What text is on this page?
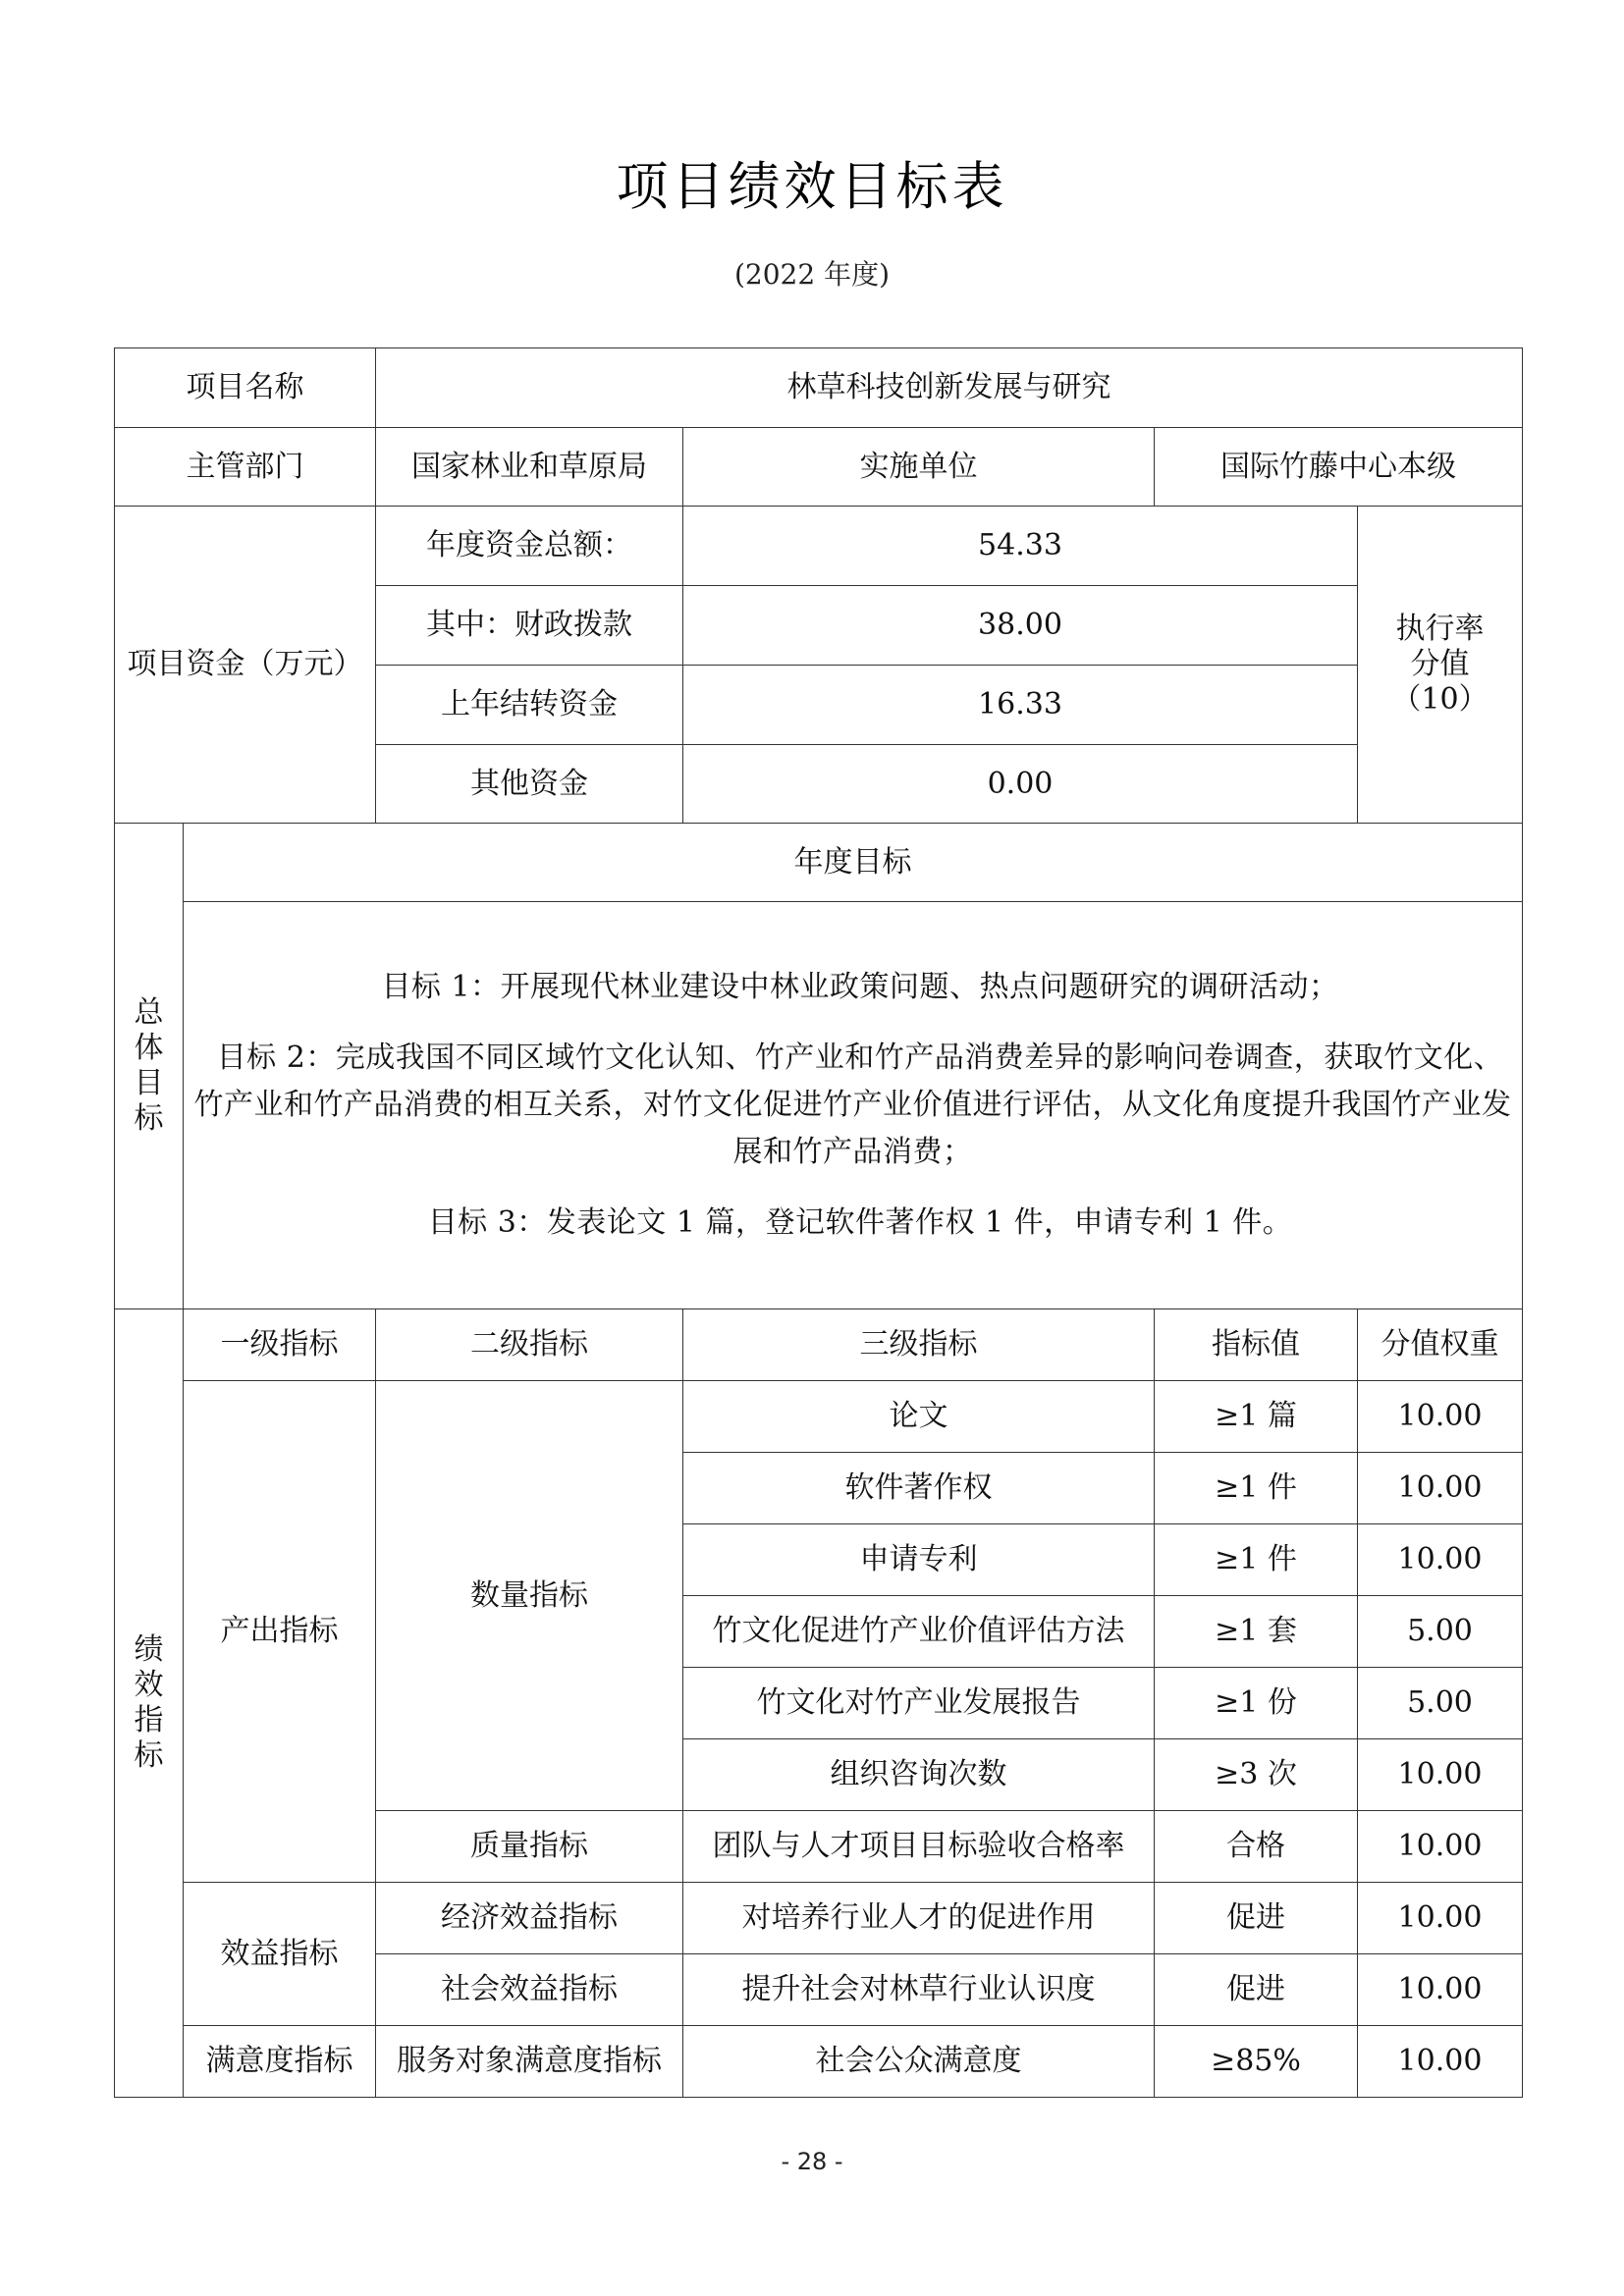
项目绩效目标表
(2022 年度)
项目名称		林草科技创新发展与研究			
主管部门		国家林业和草原局	实施单位	国际竹藤中心本级	
项目资金（万元）		年度资金总额：	54.33		执行率
分值
（10）

		其中：财政拨款	38.00		
		上年结转资金	16.33		
		其他资金	0.00		

总
体
目
标	年度目标				

	目标 1：开展现代林业建设中林业政策问题、热点问题研究的调研活动；

目标 2：完成我国不同区域竹文化认知、竹产业和竹产品消费差异的影响问卷调查，获取竹文化、竹产业和竹产品消费的相互关系，对竹文化促进竹产业价值进行评估，从文化角度提升我国竹产业发展和竹产品消费；

目标 3：发表论文 1 篇，登记软件著作权 1 件，申请专利 1 件。				

绩
效
指
标	一级指标	二级指标	三级指标	指标值	分值权重
	产出指标	数量指标	论文	≥1 篇	10.00
			软件著作权	≥1 件	10.00
			申请专利	≥1 件	10.00
			竹文化促进竹产业价值评估方法	≥1 套	5.00
			竹文化对竹产业发展报告	≥1 份	5.00
			组织咨询次数	≥3 次	10.00
		质量指标	团队与人才项目目标验收合格率	合格	10.00
	效益指标	经济效益指标	对培养行业人才的促进作用	促进	10.00
		社会效益指标	提升社会对林草行业认识度	促进	10.00
	满意度指标	服务对象满意度指标	社会公众满意度	≥85%	10.00
- 28 -
